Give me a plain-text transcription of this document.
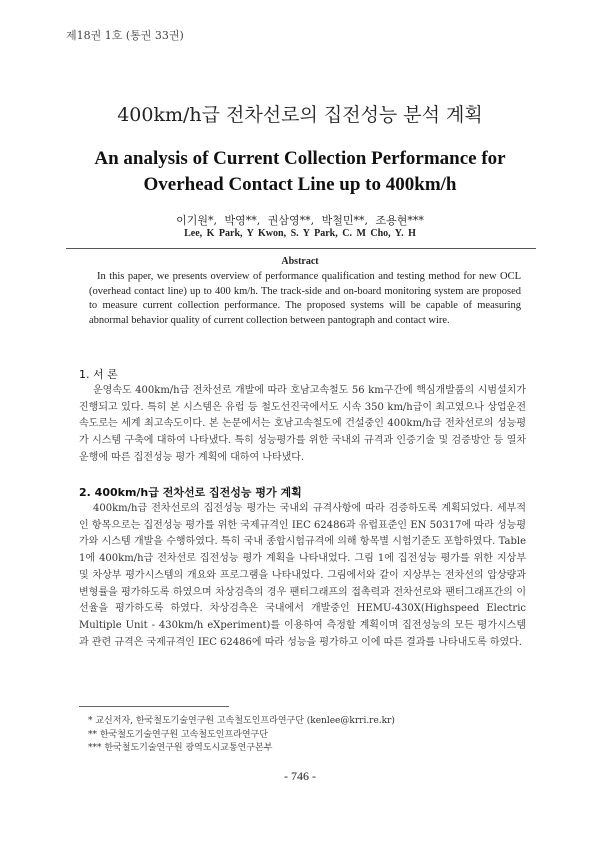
제18권 1호 (통권 33권)
400km/h급 전차선로의 집전성능 분석 계획
An analysis of Current Collection Performance for Overhead Contact Line up to 400km/h
이기원*, 박영**, 권삼영**, 박철민**, 조용현***
Lee, K Park, Y Kwon, S. Y Park, C. M Cho, Y. H
Abstract
In this paper, we presents overview of performance qualification and testing method for new OCL (overhead contact line) up to 400 km/h. The track-side and on-board monitoring system are proposed to measure current collection performance. The proposed systems will be capable of measuring abnormal behavior quality of current collection between pantograph and contact wire.
1. 서 론
운영속도 400km/h급 전차선로 개발에 따라 호남고속철도 56 km구간에 핵심개발품의 시범설치가 진행되고 있다. 특히 본 시스템은 유럽 등 철도선진국에서도 시속 350 km/h급이 최고였으나 상업운전 속도로는 세계 최고속도이다. 본 논문에서는 호남고속철도에 건설중인 400km/h급 전차선로의 성능평가 시스템 구축에 대하여 나타냈다. 특히 성능평가를 위한 국내외 규격과 인증기술 및 검증방안 등 열차운행에 따른 집전성능 평가 계획에 대하여 나타냈다.
2. 400km/h급 전차선로 집전성능 평가 계획
400km/h급 전차선로의 집전성능 평가는 국내외 규격사항에 따라 검증하도록 계획되었다. 세부적인 항목으로는 집전성능 평가를 위한 국제규격인 IEC 62486과 유럽표준인 EN 50317에 따라 성능평가와 시스템 개발을 수행하였다. 특히 국내 종합시험규격에 의해 항목별 시험기준도 포함하였다. Table 1에 400km/h급 전차선로 집전성능 평가 계획을 나타내었다. 그림 1에 집전성능 평가를 위한 지상부 및 차상부 평가시스템의 개요와 프로그램을 나타내었다. 그림에서와 같이 지상부는 전차선의 압상량과 변형률을 평가하도록 하였으며 차상검측의 경우 팬터그래프의 접촉력과 전차선로와 팬터그래프간의 이선율을 평가하도록 하였다. 차상검측은 국내에서 개발중인 HEMU-430X(Highspeed Electric Multiple Unit - 430km/h eXperiment)를 이용하여 측정할 계획이며 집전성능의 모든 평가시스템과 관련 규격은 국제규격인 IEC 62486에 따라 성능을 평가하고 이에 따른 결과를 나타내도록 하였다.
* 교신저자, 한국철도기술연구원 고속철도인프라연구단 (kenlee@krri.re.kr)
** 한국철도기술연구원 고속철도인프라연구단
*** 한국철도기술연구원 광역도시교통연구본부
- 746 -
